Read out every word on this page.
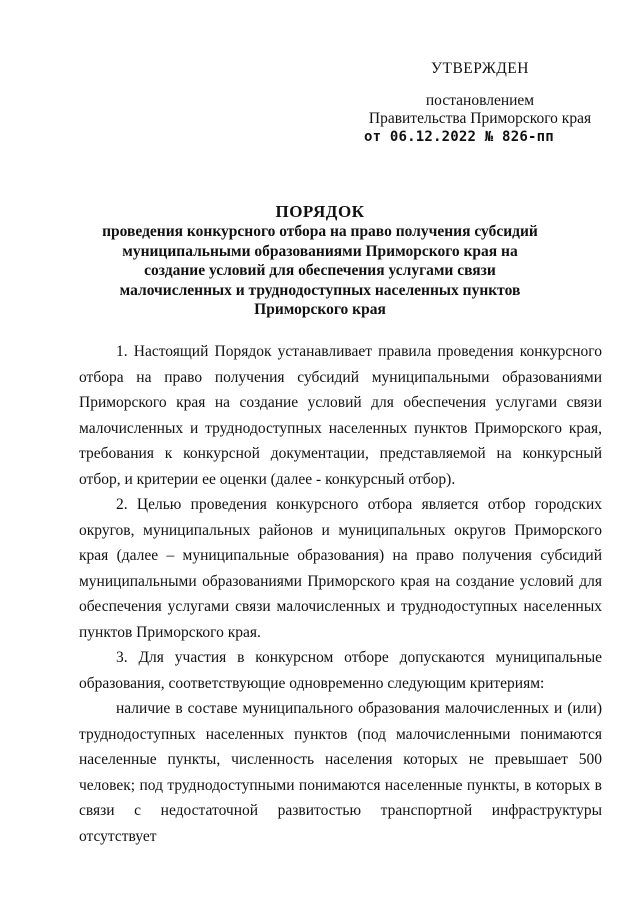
УТВЕРЖДЕН
постановлением
Правительства Приморского края
от 06.12.2022 № 826-пп
ПОРЯДОК
проведения конкурсного отбора на право получения субсидий муниципальными образованиями Приморского края на создание условий для обеспечения услугами связи малочисленных и труднодоступных населенных пунктов Приморского края

1. Настоящий Порядок устанавливает правила проведения конкурсного отбора на право получения субсидий муниципальными образованиями Приморского края на создание условий для обеспечения услугами связи малочисленных и труднодоступных населенных пунктов Приморского края, требования к конкурсной документации, представляемой на конкурсный отбор, и критерии ее оценки (далее - конкурсный отбор).

2. Целью проведения конкурсного отбора является отбор городских округов, муниципальных районов и муниципальных округов Приморского края (далее – муниципальные образования) на право получения субсидий муниципальными образованиями Приморского края на создание условий для обеспечения услугами связи малочисленных и труднодоступных населенных пунктов Приморского края.

3. Для участия в конкурсном отборе допускаются муниципальные образования, соответствующие одновременно следующим критериям:

наличие в составе муниципального образования малочисленных и (или) труднодоступных населенных пунктов (под малочисленными понимаются населенные пункты, численность населения которых не превышает 500 человек; под труднодоступными понимаются населенные пункты, в которых в связи с недостаточной развитостью транспортной инфраструктуры отсутствует
